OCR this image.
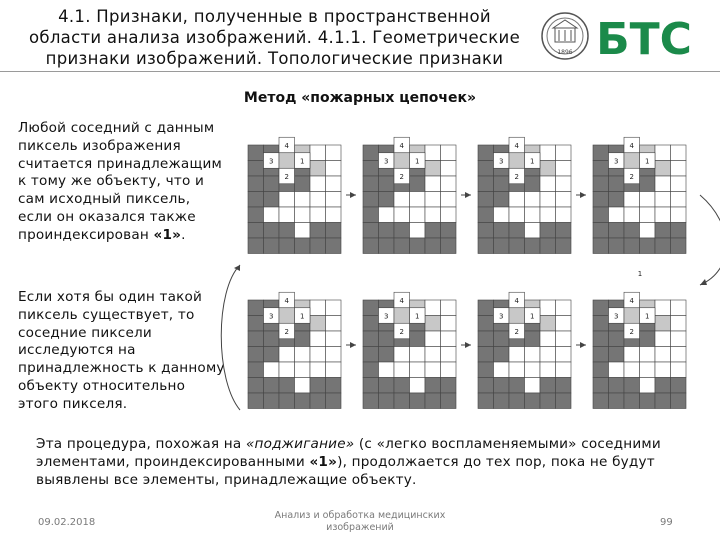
4.1. Признаки, полученные в пространственной области анализа изображений. 4.1.1. Геометрические признаки изображений. Топологические признаки	1896 БТС
Метод «пожарных цепочек»
Любой соседний с данным пиксель изображения считается принадлежащим к тому же объекту, что и сам исходный пиксель, если он оказался также проиндексирован «1».
Если хотя бы один такой пиксель существует, то соседние пиксели исследуются на принадлежность к данному объекту относительно этого пикселя.
Эта процедура, похожая на «поджигание» (с «легко воспламеняемыми» соседними элементами, проиндексированными «1»), продолжается до тех пор, пока не будут выявлены все элементы, принадлежащие объекту.
4
3	1
2
4
3	1
2
4
3	1
2
4
3	1
2
4
3	1
2
4
3	1
2
4
3	1
2
4
3	1
2
1
09.02.2018
Анализ и обработка медицинских изображений	99
